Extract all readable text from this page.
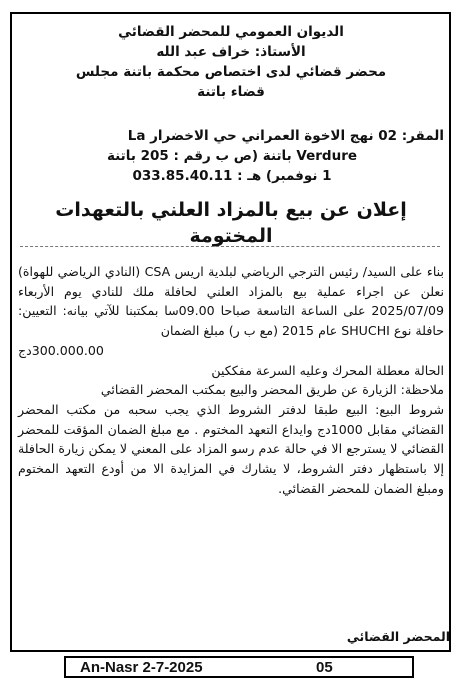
الديوان العمومي للمحضر القضائي
الأستاذ: خراف عبد الله
محضر قضائي لدى اختصاص محكمة باتنة مجلس
قضاء باتنة
المقر: 02 نهج الاخوة العمراني حي الاخضرار La
Verdure باتنة (ص ب رقم : 205 باتنة
1 نوفمبر) هـ : 033.85.40.11
إعلان عن بيع بالمزاد العلني بالتعهدات المختومة

بناء على السيد/ رئيس الترجي الرياضي لبلدية اريس CSA (النادي الرياضي للهواة) نعلن عن اجراء عملية بيع بالمزاد العلني لحافلة ملك للنادي يوم الأربعاء 2025/07/09 على الساعة التاسعة صباحا 09.00سا بمكتبنا للآتي بيانه: التعيين: حافلة نوع SHUCHI عام 2015 (مع ب ر) مبلغ الضمان

300.000.00دج

الحالة معطلة المحرك وعليه السرعة مفككين

ملاحظة: الزيارة عن طريق المحضر والبيع بمكتب المحضر القضائي

شروط البيع: البيع طبقا لدفتر الشروط الذي يجب سحبه من مكتب المحضر القضائي مقابل 1000دج وايداع التعهد المختوم . مع مبلغ الضمان المؤقت للمحضر القضائي لا يسترجع الا في حالة عدم رسو المزاد على المعني لا يمكن زيارة الحافلة إلا باستظهار دفتر الشروط، لا يشارك في المزايدة الا من أودع التعهد المختوم ومبلغ الضمان للمحضر القضائي.

المحضر القضائي
An-Nasr 2-7-2025	05
